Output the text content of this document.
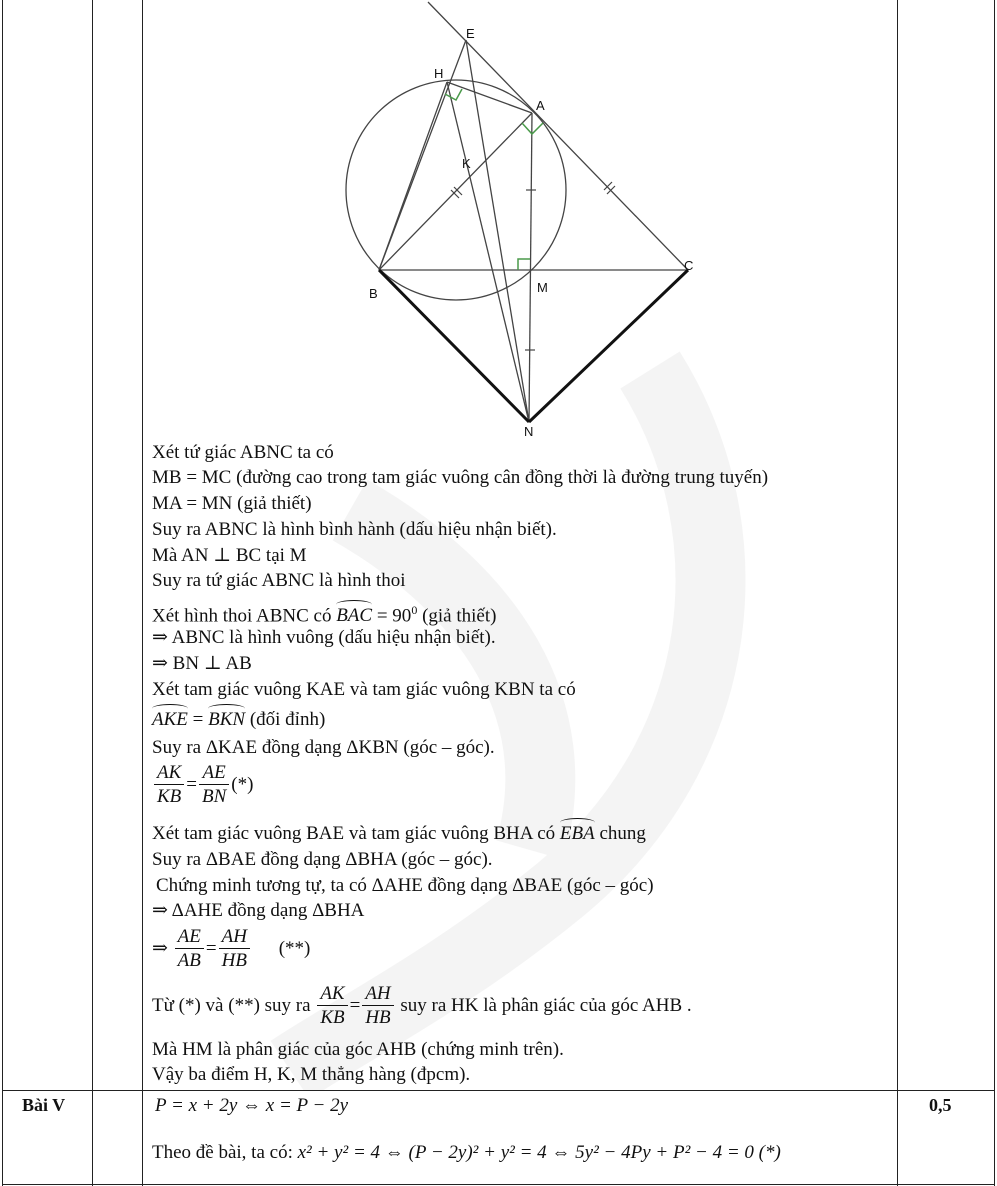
E
H
A
K
C
B	M
N
Xét tứ giác ABNC ta có
MB = MC (đường cao trong tam giác vuông cân đồng thời là đường trung tuyến)
MA = MN (giả thiết)
Suy ra ABNC là hình bình hành (dấu hiệu nhận biết).
Mà AN ⊥ BC tại M
Suy ra tứ giác ABNC là hình thoi
Xét hình thoi ABNC có BAC = $90^0$ (giả thiết)
⇒ ABNC là hình vuông (dấu hiệu nhận biết).
⇒ BN ⊥ AB
Xét tam giác vuông KAE và tam giác vuông KBN ta có
AKE = BKN (đối đỉnh)
Suy ra ΔKAE đồng dạng ΔKBN (góc – góc).
$\frac{AK}{KB} = \frac{AE}{BN}$ (*)
Xét tam giác vuông BAE và tam giác vuông BHA có EBA chung
Suy ra ΔBAE đồng dạng ΔBHA (góc – góc).
Chứng minh tương tự, ta có ΔAHE đồng dạng ΔBAE (góc – góc)
⇒ ΔAHE đồng dạng ΔBHA
⇒ $\frac{AE}{AB} = \frac{AH}{HB}$ (**)
Từ (*) và (**) suy ra $\frac{AK}{KB} = \frac{AH}{HB}$ suy ra HK là phân giác của góc AHB .
Mà HM là phân giác của góc AHB (chứng minh trên).
Vậy ba điểm H, K, M thẳng hàng (đpcm).
Bài V	0,5
P = x + 2y ⇔ x = P − 2y
Theo đề bài, ta có: x² + y² = 4 ⇔ (P − 2y)² + y² = 4 ⇔ 5y² − 4Py + P² − 4 = 0 (*)
